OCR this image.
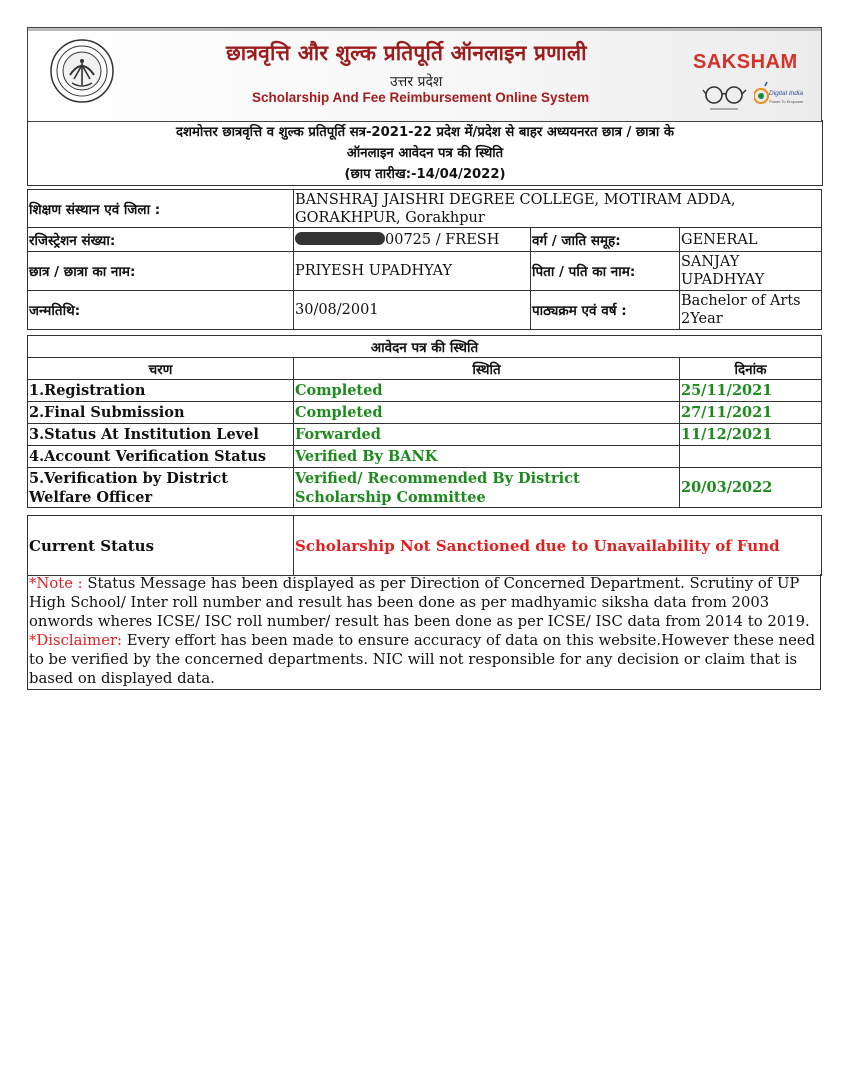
छात्रवृत्ति और शुल्क प्रतिपूर्ति ऑनलाइन प्रणाली
उत्तर प्रदेश
Scholarship And Fee Reimbursement Online System
SAKSHAM
Digital India
Power To Empower
दशमोत्तर छात्रवृत्ति व शुल्क प्रतिपूर्ति सत्र-2021-22 प्रदेश में/प्रदेश से बाहर अध्ययनरत छात्र / छात्रा के
ऑनलाइन आवेदन पत्र की स्थिति
(छाप तारीख:-14/04/2022)
शिक्षण संस्थान एवं जिला :	BANSHRAJ JAISHRI DEGREE COLLEGE, MOTIRAM ADDA, GORAKHPUR, Gorakhpur		
रजिस्ट्रेशन संख्या:	00725 / FRESH	वर्ग / जाति समूह:	GENERAL
छात्र / छात्रा का नाम:	PRIYESH UPADHYAY	पिता / पति का नाम:	SANJAY UPADHYAY
जन्मतिथि:	30/08/2001	पाठ्यक्रम एवं वर्ष :	Bachelor of Arts 2Year
आवेदन पत्र की स्थिति		
चरण	स्थिति	दिनांक
1.Registration	Completed	25/11/2021
2.Final Submission	Completed	27/11/2021
3.Status At Institution Level	Forwarded	11/12/2021
4.Account Verification Status	Verified By BANK	
5.Verification by District Welfare Officer	Verified/ Recommended By District Scholarship Committee	20/03/2022
Current Status	Scholarship Not Sanctioned due to Unavailability of Fund
*Note : Status Message has been displayed as per Direction of Concerned Department. Scrutiny of UP High School/ Inter roll number and result has been done as per madhyamic siksha data from 2003 onwords wheres ICSE/ ISC roll number/ result has been done as per ICSE/ ISC data from 2014 to 2019.
*Disclaimer: Every effort has been made to ensure accuracy of data on this website.However these need to be verified by the concerned departments. NIC will not responsible for any decision or claim that is based on displayed data.
